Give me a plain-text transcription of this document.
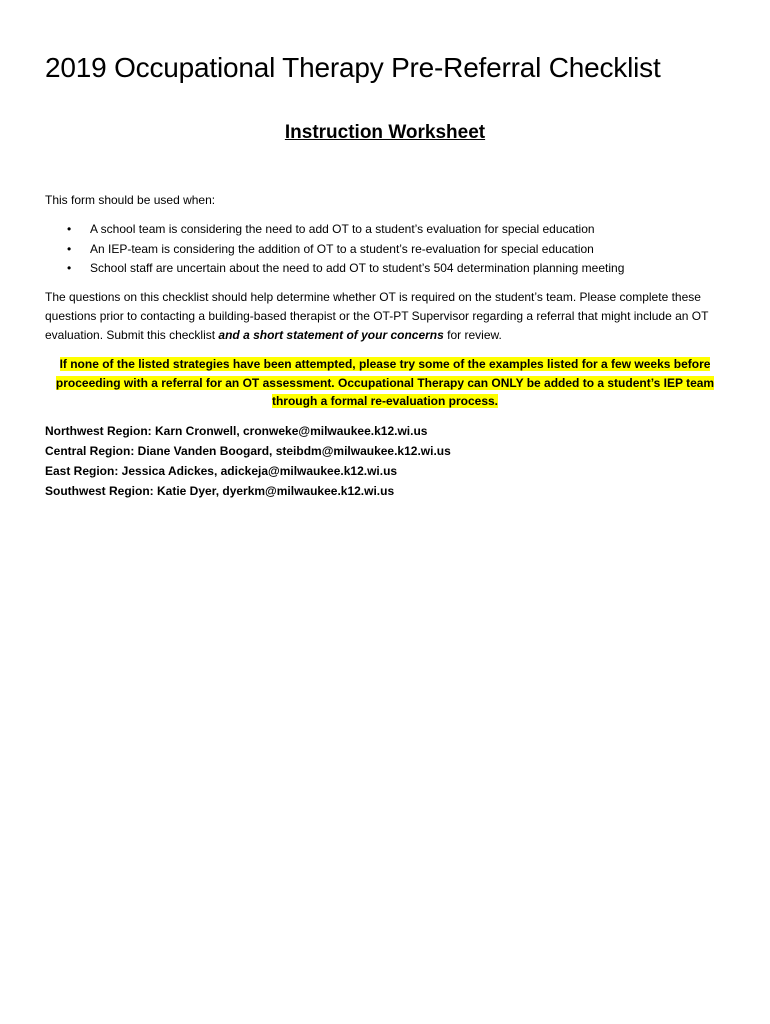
2019 Occupational Therapy Pre-Referral Checklist
Instruction Worksheet
This form should be used when:
• A school team is considering the need to add OT to a student’s evaluation for special education
• An IEP-team is considering the addition of OT to a student’s re-evaluation for special education
• School staff are uncertain about the need to add OT to student’s 504 determination planning meeting
The questions on this checklist should help determine whether OT is required on the student’s team. Please complete these questions prior to contacting a building-based therapist or the OT-PT Supervisor regarding a referral that might include an OT evaluation. Submit this checklist and a short statement of your concerns for review.
If none of the listed strategies have been attempted, please try some of the examples listed for a few weeks before proceeding with a referral for an OT assessment. Occupational Therapy can ONLY be added to a student’s IEP team through a formal re-evaluation process.
Northwest Region: Karn Cronwell, cronweke@milwaukee.k12.wi.us
Central Region: Diane Vanden Boogard, steibdm@milwaukee.k12.wi.us
East Region: Jessica Adickes, adickeja@milwaukee.k12.wi.us
Southwest Region: Katie Dyer, dyerkm@milwaukee.k12.wi.us
